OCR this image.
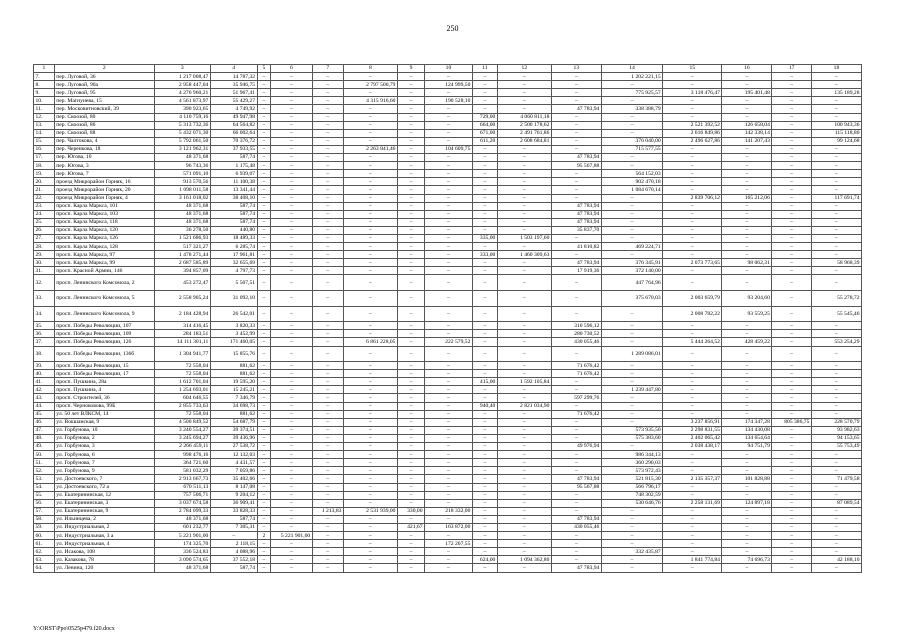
250
1	2	3	4	5	6	7	8	9	10	11	12	13	14	15	16	17	18
7.	пер. Луговой, 36	1 217 008,47	14 787,32	–	–	–	–	–	–	–	–	–	1 202 221,15	–	–	–	–
8.	пер. Луговой, 90а	2 958 447,04	35 946,75	–	–	–	2 797 500,79	–	124 999,50	–	–	–	–	–	–	–	–
9.	пер. Луговой, 95	4 276 960,21	51 967,41	–	–	–	–	–	–	–	–	–	775 925,57	3 118 476,47	195 401,48	–	135 189,28
10.	пер. Магнуиева, 15	4 561 873,97	55 429,27	–	–	–	4 315 916,60	–	190 528,10	–	–	–	–	–	–	–	–
11.	пер. Московитновский, 39	390 923,65	4 749,92	–	–	–	–	–	–	–	–	47 783,94	338 388,79	–	–	–	–
12.	пер. Скоозой, 80	4 110 759,16	49 947,98	–	–	–	–	–	–	729,00	4 060 811,18	–	–	–	–	–	–
13.	пер. Скоозой, 86	5 313 732,36	64 564,82	–	–	–	–	–	–	664,00	2 500 178,62	–	–	2 521 392,52	126 658,04	–	100 943,36
14.	пер. Скоозой, 88	5 432 071,30	66 002,64	–	–	–	–	–	–	671,00	2 491 761,86	–	–	2 616 849,86	142 338,14	–	115 118,80
15.	пер. Чалтокова, 4	5 792 061,50	70 376,72	–	–	–	–	–	–	611,20	2 608 684,81	–	376 040,00	2 496 627,86	141 207,43	–	99 124,68
16.	пер. Черенкова, 18	3 121 962,31	37 933,55	–	–	–	2 263 841,46	–	104 609,75	–	–	–	715 577,55	–	–	–	–
17.	пер. Югова, 10	48 371,68	587,74	–	–	–	–	–	–	–	–	47 783,94	–	–	–	–	–
18.	пер. Югова, 3	96 743,36	1 175,48	–	–	–	–	–	–	–	–	95 567,88	–	–	–	–	–
19.	пер. Югова, 7	571 091,10	6 939,07	–	–	–	–	–	–	–	–	–	564 152,03	–	–	–	–
20.	проезд Микрорайон Горняк, 16	913 570,56	11 100,38	–	–	–	–	–	–	–	–	–	902 470,18	–	–	–	–
21.	проезд Микрорайон Горняк, 20	1 098 011,58	13 341,44	–	–	–	–	–	–	–	–	–	1 084 670,14	–	–	–	–
22.	проезд Микрорайон Горняк, 4	3 161 018,02	38 408,10	–	–	–	–	–	–	–	–	–	–	2 839 706,12	165 212,06	–	117 691,74
23.	просп. Карла Маркса, 101	48 371,68	587,74	–	–	–	–	–	–	–	–	47 783,94	–	–	–	–	–
24.	просп. Карла Маркса, 103	48 371,68	587,74	–	–	–	–	–	–	–	–	47 783,94	–	–	–	–	–
25.	просп. Карла Маркса, 118	48 371,68	587,74	–	–	–	–	–	–	–	–	47 783,94	–	–	–	–	–
26.	просп. Карла Маркса, 120	36 278,50	440,80	–	–	–	–	–	–	–	–	35 837,70	–	–	–	–	–
27.	просп. Карла Маркса, 126	1 521 686,93	18 489,33	–	–	–	–	–	–	335,00	1 503 197,60	–	–	–	–	–	–
28.	просп. Карла Маркса, 128	517 321,27	6 285,74	–	–	–	–	–	–	–	–	41 810,82	469 224,71	–	–	–	–
29.	просп. Карла Маркса, 97	1 478 271,44	17 961,81	–	–	–	–	–	–	333,00	1 460 309,63	–	–	–	–	–	–
30.	просп. Карла Маркса, 99	2 687 585,89	32 655,69	–	–	–	–	–	–	–	–	47 783,94	376 345,91	2 073 773,65	98 062,31	–	58 968,39
31.	просп. Красной Армии, 146	394 857,09	4 797,73	–	–	–	–	–	–	–	–	17 919,36	372 140,00	–	–	–	–
32.	просп. Ленинского Комсомола, 2	453 272,47	5 507,51	–	–	–	–	–	–	–	–	–	447 764,96	–	–	–	–
33.	просп. Ленинского Комсомола, 5	2 558 905,24	31 092,10	–	–	–	–	–	–	–	–	–	375 670,03	2 003 659,79	93 204,60	–	55 278,72
34.	просп. Ленинского Комсомола, 9	2 184 428,94	26 542,01	–	–	–	–	–	–	–	–	–	–	2 008 782,22	93 559,25	–	55 545,46
35.	просп. Победы Революции, 107	314 416,45	3 820,33	–	–	–	–	–	–	–	–	310 596,12	–	–	–	–	–
36.	просп. Победы Революции, 109	284 183,51	3 452,99	–	–	–	–	–	–	–	–	280 730,52	–	–	–	–	–
37.	просп. Победы Революции, 126	14 111 301,11	171 460,05	–	–	–	6 861 228,05	–	222 579,52	–	–	430 055,46	–	5 444 264,52	428 459,22	–	553 254,29
38.	просп. Победы Революции, 136б	1 304 941,77	15 855,76	–	–	–	–	–	–	–	–	–	1 289 086,01	–	–	–	–
39.	просп. Победы Революции, 15	72 558,04	881,62	–	–	–	–	–	–	–	–	71 676,42	–	–	–	–	–
40.	просп. Победы Революции, 17	72 558,04	881,62	–	–	–	–	–	–	–	–	71 676,42	–	–	–	–	–
41.	просп. Пушкина, 28а	1 612 701,04	19 595,20	–	–	–	–	–	–	415,00	1 592 105,84	–	–	–	–	–	–
42.	просп. Пушкина, 4	1 254 693,01	15 245,21	–	–	–	–	–	–	–	–	–	1 239 447,80	–	–	–	–
43.	просп. Строителей, 36	604 646,55	7 346,79	–	–	–	–	–	–	–	–	597 299,76	–	–	–	–	–
44.	просп. Черноковова, 99Б	2 855 733,63	34 698,73	–	–	–	–	–	–	940,40	2 821 034,90	–	–	–	–	–	–
45.	ул. 50 лет ВЛКСМ, 14	72 558,04	881,62	–	–	–	–	–	–	–	–	71 676,42	–	–	–	–	–
46.	ул. Вокшанская, 9	4 500 849,52	54 687,79	–	–	–	–	–	–	–	–	–	–	3 237 856,91	174 347,28	805 386,75	228 570,79
47.	ул. Горбунова, 10	3 240 554,27	39 374,51	–	–	–	–	–	–	–	–	–	573 935,50	2 298 831,55	134 430,08	–	93 982,63
48.	ул. Горбунова, 2	3 245 694,27	39 436,96	–	–	–	–	–	–	–	–	–	575 383,60	2 402 065,42	134 654,64	–	94 153,65
49.	ул. Горбунова, 3	2 266 459,11	27 538,72	–	–	–	–	–	–	–	–	49 976,94	–	2 038 438,17	94 751,79	–	55 753,49
50.	ул. Горбунова, 6	998 476,16	12 132,03	–	–	–	–	–	–	–	–	–	986 344,13	–	–	–	–
51.	ул. Горбунова, 7	364 721,60	4 431,57	–	–	–	–	–	–	–	–	–	360 290,03	–	–	–	–
52.	ул. Горбунова, 9	581 032,29	7 059,86	–	–	–	–	–	–	–	–	–	573 972,43	–	–	–	–
53.	ул. Достоевского, 7	2 913 667,73	35 402,66	–	–	–	–	–	–	–	–	47 783,94	521 815,30	2 135 357,37	101 828,88	–	71 479,58
54.	ул. Достоевского, 72 а	670 511,13	8 147,08	–	–	–	–	–	–	–	–	95 567,88	566 796,17	–	–	–	–
55.	ул. Екатерининская, 12	757 506,71	9 204,12	–	–	–	–	–	–	–	–	–	748 302,59	–	–	–	–
56.	ул. Екатерининская, 3	3 037 674,58	36 909,41	–	–	–	–	–	–	–	–	–	530 646,76	2 258 131,69	124 897,18	–	87 089,54
57.	ул. Екатерининская, 9	2 784 099,33	33 828,33	–	–	1 213,83	2 531 939,00	330,00	218 332,00	–	–	–	–	–	–	–	–
58.	ул. Ильинцева, 2	48 371,68	587,74	–	–	–	–	–	–	–	–	47 783,94	–	–	–	–	–
59.	ул. Индустриальная, 2	601 232,77	7 305,31	–	–	–	–	421,67	163 872,00	–	–	430 055,46	–	–	–	–	–
60.	ул. Индустриальная, 3 а	5 221 901,00	–	2	5 221 901,00	–	–	–	–	–	–	–	–	–	–	–	–
61.	ул. Индустриальная, 4	174 325,70	2 118,15	–	–	–	–	–	172 207,55	–	–	–	–	–	–	–	–
62.	ул. Исакова, 108	336 524,83	4 088,96	–	–	–	–	–	–	–	–	–	332 435,87	–	–	–	–
63.	ул. Казакова, 78	3 090 574,65	37 552,18	–	–	–	–	–	–	624,00	1 094 362,80	–	–	1 841 774,84	74 696,73	–	42 188,10
64.	ул. Ленина, 120	48 371,68	587,74	–	–	–	–	–	–	–	–	47 783,94	–	–	–	–	–
Y:\ORST\Ppo\0525p479.f20.docx
